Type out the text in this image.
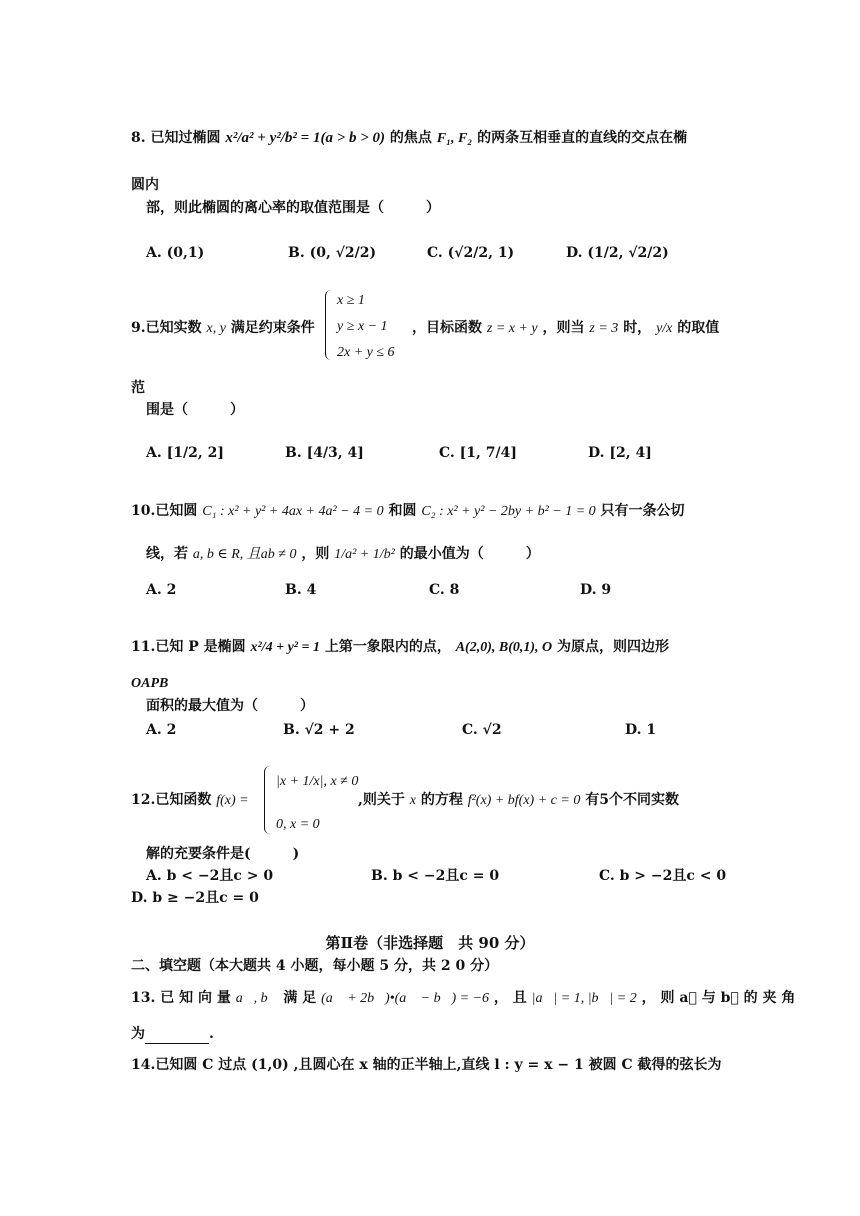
8. 已知过椭圆 x²/a² + y²/b² = 1(a > b > 0) 的焦点 F₁, F₂ 的两条互相垂直的直线的交点在椭
圆内
部，则此椭圆的离心率的取值范围是（　　　）
A. (0,1)	B. (0, √2/2)	C. (√2/2, 1)	D. (1/2, √2/2)
9.已知实数 x, y 满足约束条件
x ≥ 1
y ≥ x − 1
2x + y ≤ 6
，目标函数 z = x + y ，则当 z = 3 时， y/x 的取值
范
围是（　　　）
A. [1/2, 2]	B. [4/3, 4]	C. [1, 7/4]	D. [2, 4]
10.已知圆 C₁ : x² + y² + 4ax + 4a² − 4 = 0 和圆 C₂ : x² + y² − 2by + b² − 1 = 0 只有一条公切
线，若 a, b ∈ R, 且ab ≠ 0 ，则 1/a² + 1/b² 的最小值为（　　　）
A. 2	B. 4	C. 8	D. 9
11.已知 P 是椭圆 x²/4 + y² = 1 上第一象限内的点， A(2,0), B(0,1), O 为原点，则四边形
OAPB
面积的最大值为（　　　）
A. 2	B. √2 + 2	C. √2	D. 1
12.已知函数 f(x) =
|x + 1/x|, x ≠ 0
0, x = 0
,则关于 x 的方程 f²(x) + bf(x) + c = 0 有5个不同实数
解的充要条件是(　　　)
A. b < −2且c > 0	B. b < −2且c = 0	C. b > −2且c < 0
D. b ≥ −2且c = 0
第Ⅱ卷（非选择题　共 90 分）
二、填空题（本大题共 4 小题，每小题 5 分，共 2 0 分）
13. 已 知 向 量 a⃗, b⃗ 满 足 (a⃗ + 2b⃗)•(a⃗ − b⃗) = −6 ， 且 |a⃗| = 1, |b⃗| = 2 ， 则 a⃗ 与 b⃗ 的 夹 角
为	.
14.已知圆 C 过点 (1,0) ,且圆心在 x 轴的正半轴上,直线 l : y = x − 1 被圆 C 截得的弦长为
